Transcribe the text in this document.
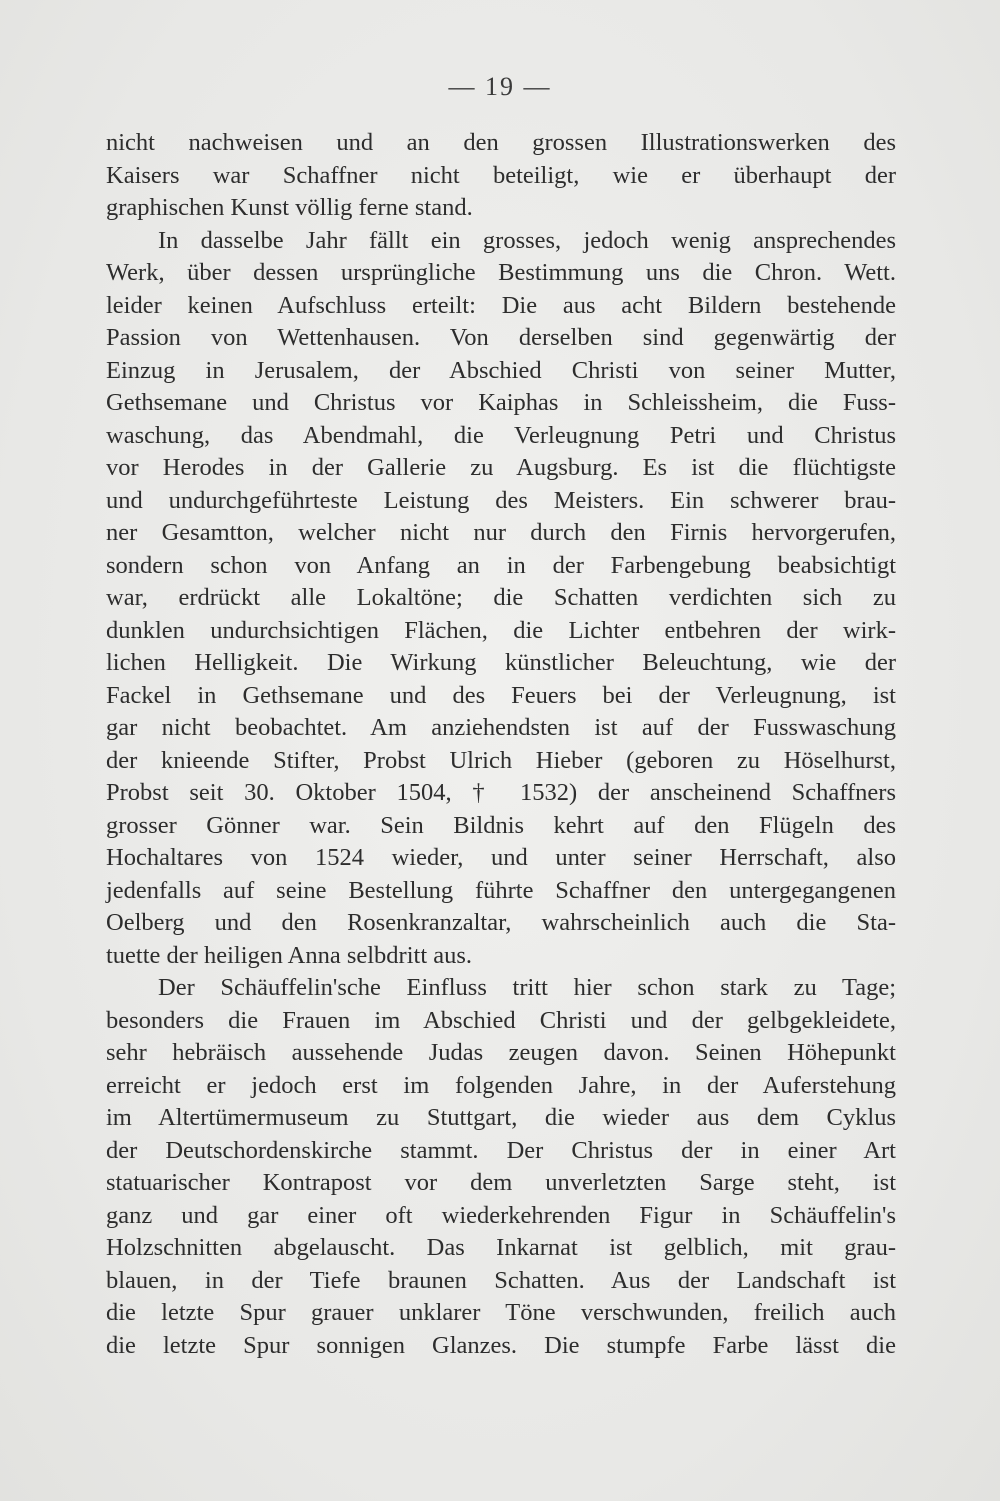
— 19 —
nicht nachweisen und an den grossen Illustrationswerken des
Kaisers war Schaffner nicht beteiligt, wie er überhaupt der
graphischen Kunst völlig ferne stand.
In dasselbe Jahr fällt ein grosses, jedoch wenig ansprechendes
Werk, über dessen ursprüngliche Bestimmung uns die Chron. Wett.
leider keinen Aufschluss erteilt: Die aus acht Bildern bestehende
Passion von Wettenhausen. Von derselben sind gegenwärtig der
Einzug in Jerusalem, der Abschied Christi von seiner Mutter,
Gethsemane und Christus vor Kaiphas in Schleissheim, die Fuss-
waschung, das Abendmahl, die Verleugnung Petri und Christus
vor Herodes in der Gallerie zu Augsburg. Es ist die flüchtigste
und undurchgeführteste Leistung des Meisters. Ein schwerer brau-
ner Gesamtton, welcher nicht nur durch den Firnis hervorgerufen,
sondern schon von Anfang an in der Farbengebung beabsichtigt
war, erdrückt alle Lokaltöne; die Schatten verdichten sich zu
dunklen undurchsichtigen Flächen, die Lichter entbehren der wirk-
lichen Helligkeit. Die Wirkung künstlicher Beleuchtung, wie der
Fackel in Gethsemane und des Feuers bei der Verleugnung, ist
gar nicht beobachtet. Am anziehendsten ist auf der Fusswaschung
der knieende Stifter, Probst Ulrich Hieber (geboren zu Höselhurst,
Probst seit 30. Oktober 1504, † 1532) der anscheinend Schaffners
grosser Gönner war. Sein Bildnis kehrt auf den Flügeln des
Hochaltares von 1524 wieder, und unter seiner Herrschaft, also
jedenfalls auf seine Bestellung führte Schaffner den untergegangenen
Oelberg und den Rosenkranzaltar, wahrscheinlich auch die Sta-
tuette der heiligen Anna selbdritt aus.
Der Schäuffelin'sche Einfluss tritt hier schon stark zu Tage;
besonders die Frauen im Abschied Christi und der gelbgekleidete,
sehr hebräisch aussehende Judas zeugen davon. Seinen Höhepunkt
erreicht er jedoch erst im folgenden Jahre, in der Auferstehung
im Altertümermuseum zu Stuttgart, die wieder aus dem Cyklus
der Deutschordenskirche stammt. Der Christus der in einer Art
statuarischer Kontrapost vor dem unverletzten Sarge steht, ist
ganz und gar einer oft wiederkehrenden Figur in Schäuffelin's
Holzschnitten abgelauscht. Das Inkarnat ist gelblich, mit grau-
blauen, in der Tiefe braunen Schatten. Aus der Landschaft ist
die letzte Spur grauer unklarer Töne verschwunden, freilich auch
die letzte Spur sonnigen Glanzes. Die stumpfe Farbe lässt die
